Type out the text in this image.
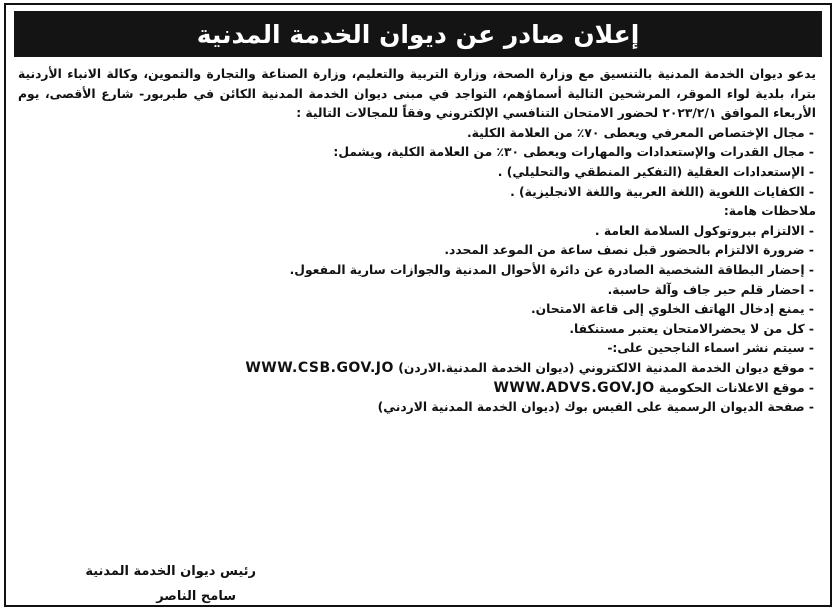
إعلان صادر عن ديوان الخدمة المدنية

يدعو ديوان الخدمة المدنية بالتنسيق مع وزارة الصحة، وزارة التربية والتعليم، وزارة الصناعة والتجارة والتموين، وكالة الانباء الأردنية بترا، بلدية لواء الموقر، المرشحين التالية أسماؤهم، التواجد في مبنى ديوان الخدمة المدنية الكائن في طبربور- شارع الأقصى، يوم الأربعاء الموافق ٢٠٢٣/٢/١ لحضور الامتحان التنافسي الإلكتروني وفقاً للمجالات التالية :

- مجال الإختصاص المعرفي ويعطى ٧٠٪ من العلامة الكلية.
- مجال القدرات والإستعدادات والمهارات ويعطى ٣٠٪ من العلامة الكلية، ويشمل:
- الإستعدادات العقلية (التفكير المنطقي والتحليلي) .
- الكفايات اللغوية (اللغة العربية واللغة الانجليزية) .

ملاحظات هامة:

- الالتزام ببروتوكول السلامة العامة .
- ضرورة الالتزام بالحضور قبل نصف ساعة من الموعد المحدد.
- إحضار البطاقة الشخصية الصادرة عن دائرة الأحوال المدنية والجوازات سارية المفعول.
- احضار قلم حبر جاف وآلة حاسبة.
- يمنع إدخال الهاتف الخلوي إلى قاعة الامتحان.
- كل من لا يحضرالامتحان يعتبر مستنكفا.
- سيتم نشر اسماء الناجحين على:-
- موقع ديوان الخدمة المدنية الالكتروني (ديوان الخدمة المدنية.الاردن) WWW.CSB.GOV.JO
- موقع الاعلانات الحكومية WWW.ADVS.GOV.JO
- صفحة الديوان الرسمية على الفيس بوك (ديوان الخدمة المدنية الاردني)
رئيس ديوان الخدمة المدنية
سامح الناصر
